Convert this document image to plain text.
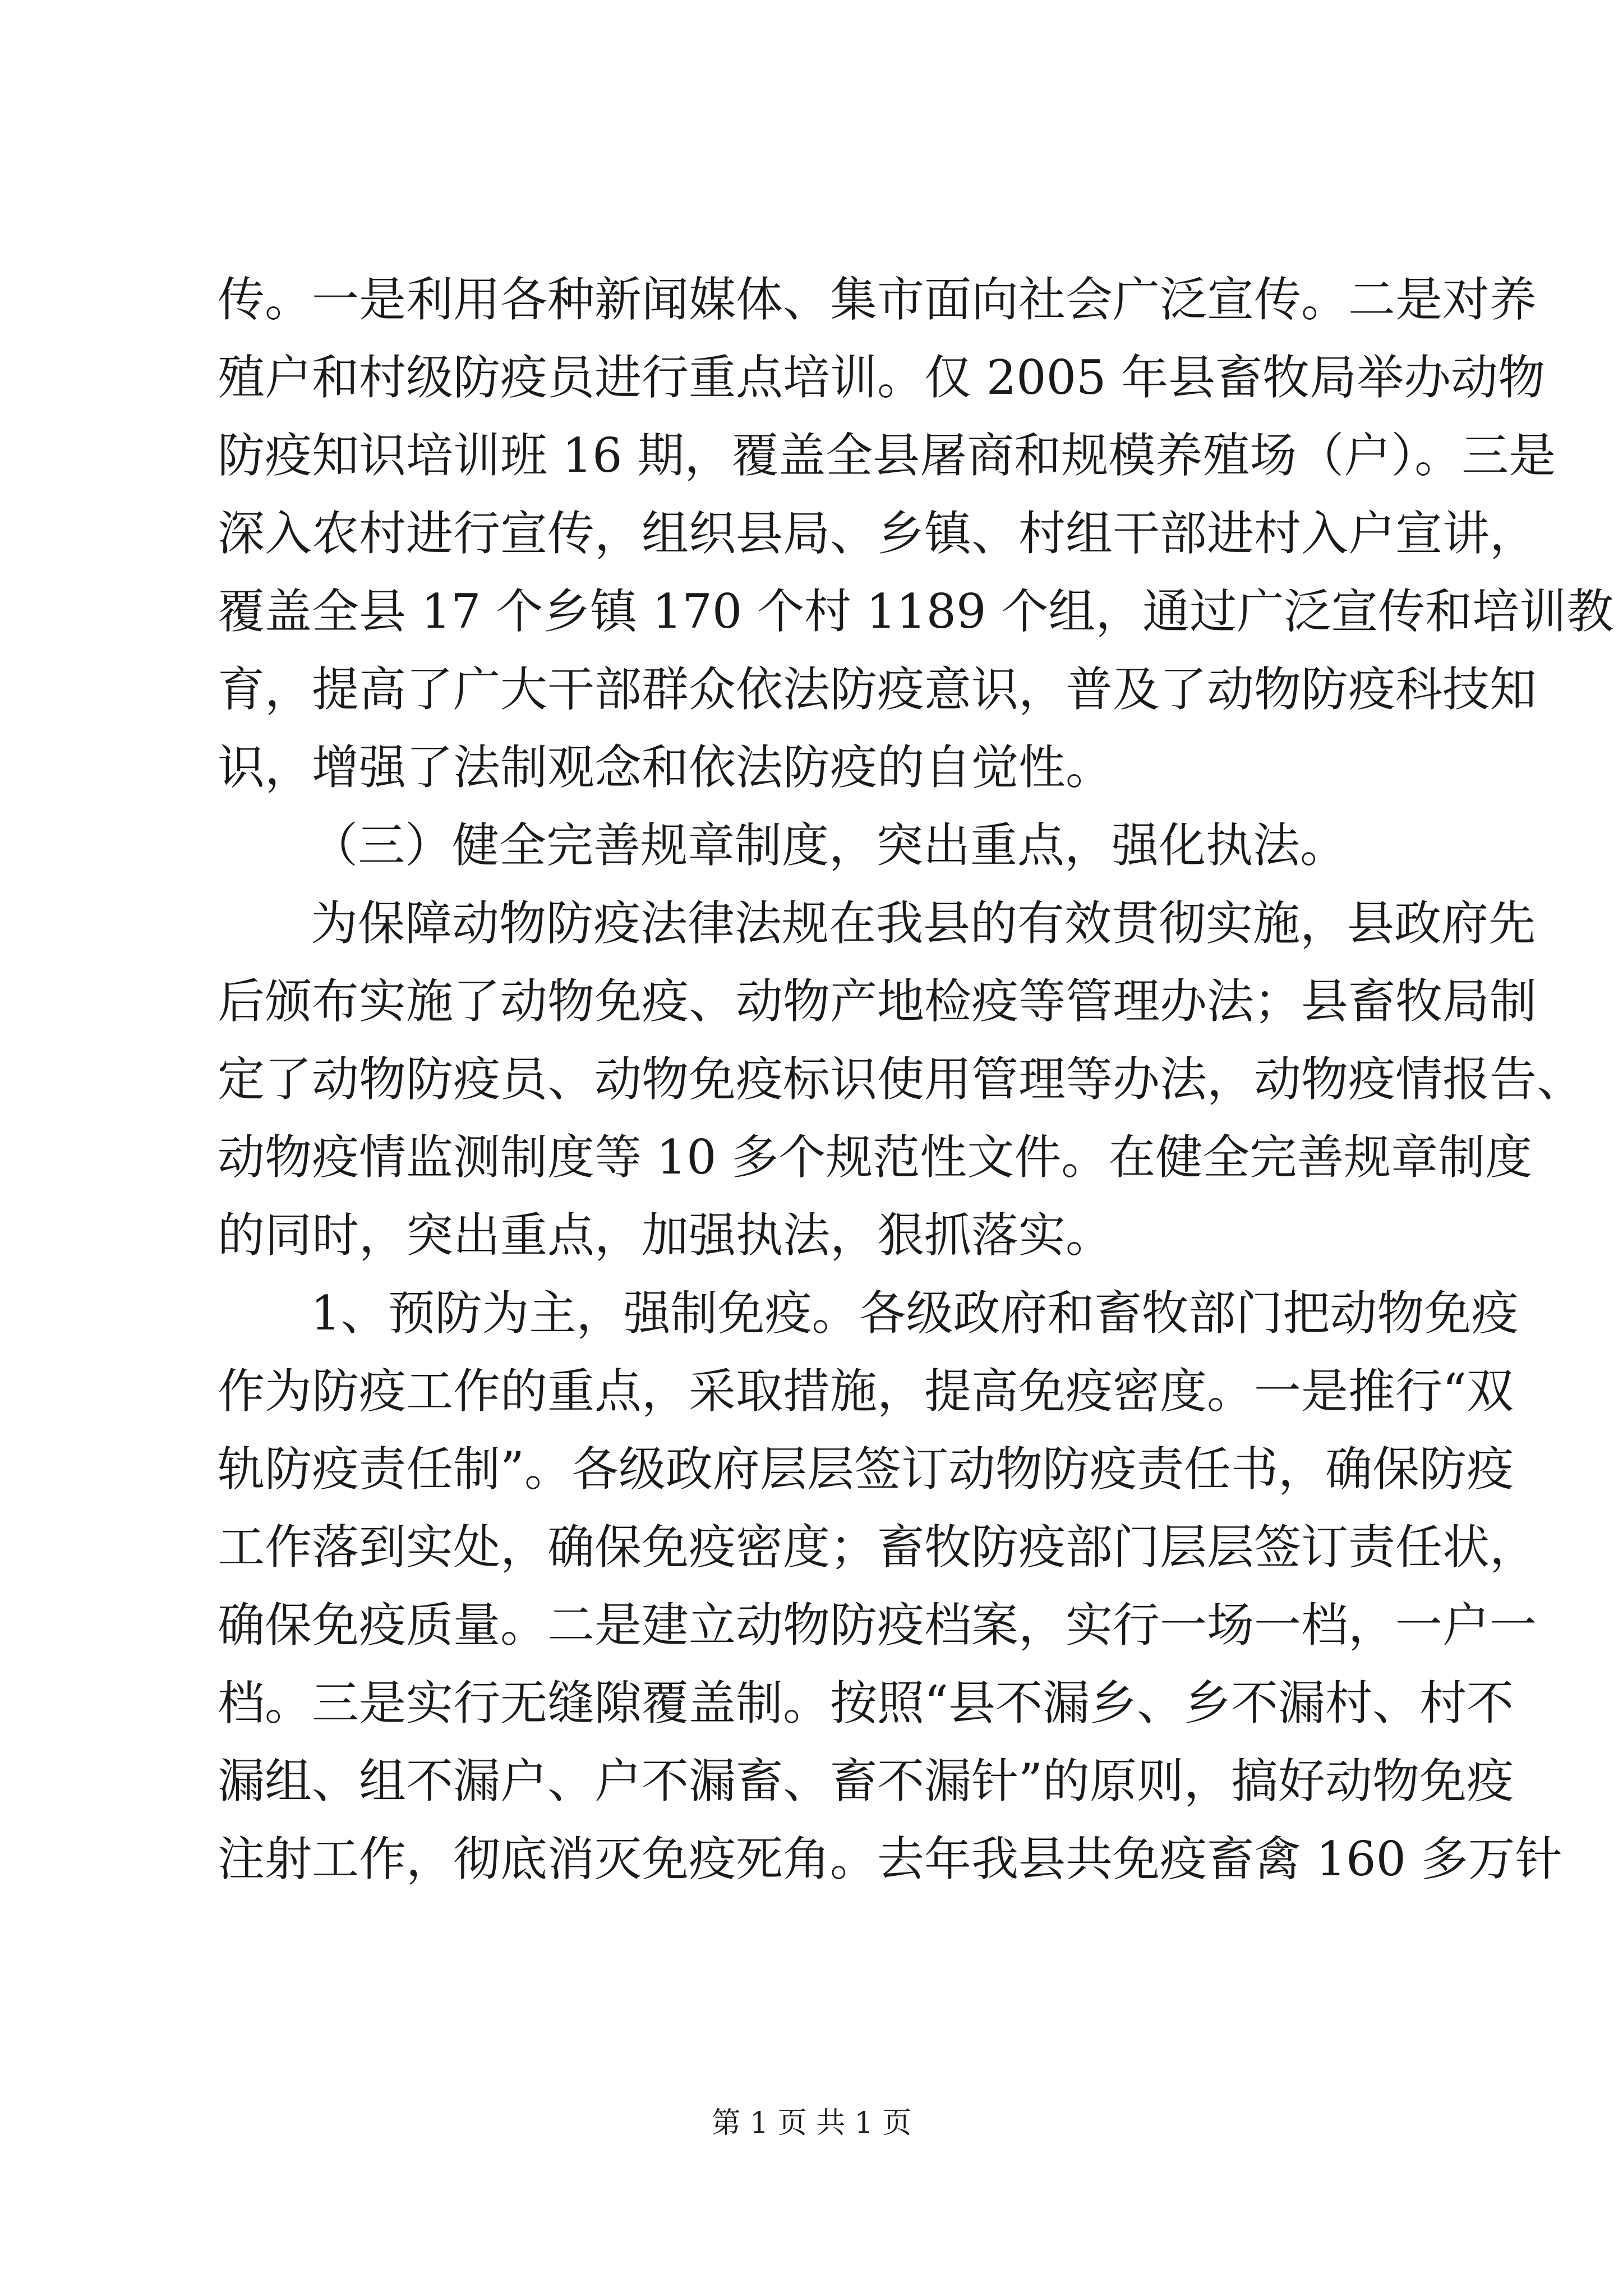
传。一是利用各种新闻媒体、集市面向社会广泛宣传。二是对养
殖户和村级防疫员进行重点培训。仅 2005 年县畜牧局举办动物
防疫知识培训班 16 期，覆盖全县屠商和规模养殖场（户）。三是
深入农村进行宣传，组织县局、乡镇、村组干部进村入户宣讲，
覆盖全县 17 个乡镇 170 个村 1189 个组，通过广泛宣传和培训教
育，提高了广大干部群众依法防疫意识，普及了动物防疫科技知
识，增强了法制观念和依法防疫的自觉性。
（三）健全完善规章制度，突出重点，强化执法。
为保障动物防疫法律法规在我县的有效贯彻实施，县政府先
后颁布实施了动物免疫、动物产地检疫等管理办法；县畜牧局制
定了动物防疫员、动物免疫标识使用管理等办法，动物疫情报告、
动物疫情监测制度等 10 多个规范性文件。在健全完善规章制度
的同时，突出重点，加强执法，狠抓落实。
1、预防为主，强制免疫。各级政府和畜牧部门把动物免疫
作为防疫工作的重点，采取措施，提高免疫密度。一是推行“双
轨防疫责任制”。各级政府层层签订动物防疫责任书，确保防疫
工作落到实处，确保免疫密度；畜牧防疫部门层层签订责任状，
确保免疫质量。二是建立动物防疫档案，实行一场一档，一户一
档。三是实行无缝隙覆盖制。按照“县不漏乡、乡不漏村、村不
漏组、组不漏户、户不漏畜、畜不漏针”的原则，搞好动物免疫
注射工作，彻底消灭免疫死角。去年我县共免疫畜禽 160 多万针
第 1 页 共 1 页
